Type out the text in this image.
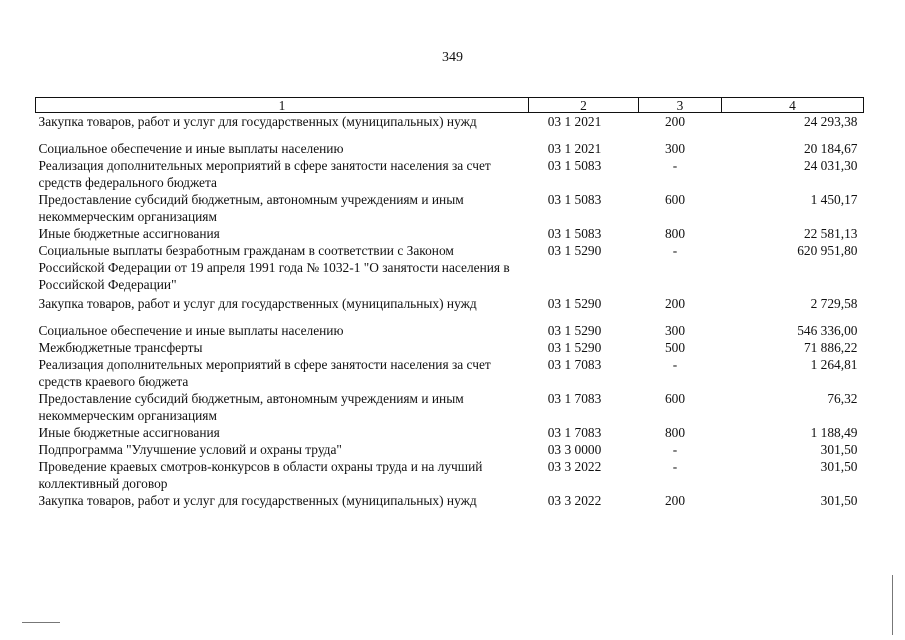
349
1	2	3	4
Закупка товаров, работ и услуг для государственных (муниципальных) нужд	03 1 2021	200	24 293,38
Социальное обеспечение и иные выплаты населению	03 1 2021	300	20 184,67
Реализация дополнительных мероприятий в сфере занятости населения за счет средств федерального бюджета	03 1 5083	-	24 031,30
Предоставление субсидий бюджетным, автономным учреждениям и иным некоммерческим организациям	03 1 5083	600	1 450,17
Иные бюджетные ассигнования	03 1 5083	800	22 581,13
Социальные выплаты безработным гражданам в соответствии с Законом Российской Федерации от 19 апреля 1991 года № 1032-1 "О занятости населения в Российской Федерации"	03 1 5290	-	620 951,80
Закупка товаров, работ и услуг для государственных (муниципальных) нужд	03 1 5290	200	2 729,58
Социальное обеспечение и иные выплаты населению	03 1 5290	300	546 336,00
Межбюджетные трансферты	03 1 5290	500	71 886,22
Реализация дополнительных мероприятий в сфере занятости населения за счет средств краевого бюджета	03 1 7083	-	1 264,81
Предоставление субсидий бюджетным, автономным учреждениям и иным некоммерческим организациям	03 1 7083	600	76,32
Иные бюджетные ассигнования	03 1 7083	800	1 188,49
Подпрограмма "Улучшение условий и охраны труда"	03 3 0000	-	301,50
Проведение краевых смотров-конкурсов в области охраны труда и на лучший коллективный договор	03 3 2022	-	301,50
Закупка товаров, работ и услуг для государственных (муниципальных) нужд	03 3 2022	200	301,50
